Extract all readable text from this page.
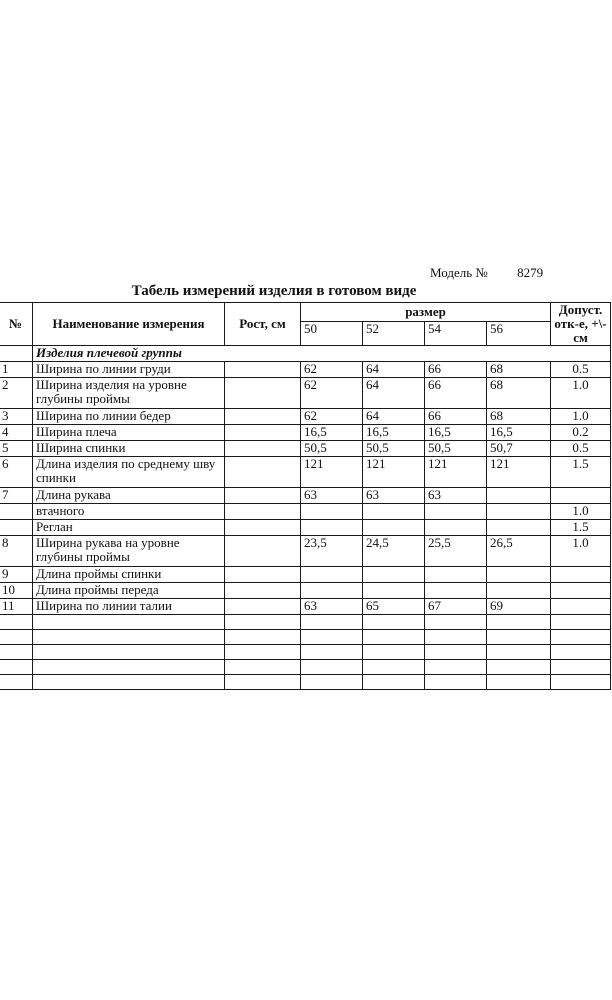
Модель № 8279
Табель измерений изделия в готовом виде
№	Наименование измерения	Рост, см	размер				Допуст. отк-е, +\-см
			50	52	54	56	
	Изделия плечевой группы						
1	Ширина по линии груди		62	64	66	68	0.5
2	Ширина изделия на уровне глубины проймы		62	64	66	68	1.0
3	Ширина по линии бедер		62	64	66	68	1.0
4	Ширина плеча		16,5	16,5	16,5	16,5	0.2
5	Ширина спинки		50,5	50,5	50,5	50,7	0.5
6	Длина изделия по среднему шву спинки		121	121	121	121	1.5
7	Длина рукава		63	63	63		
	втачного						1.0
	Реглан						1.5
8	Ширина рукава на уровне глубины проймы		23,5	24,5	25,5	26,5	1.0
9	Длина проймы спинки						
10	Длина проймы переда						
11	Ширина по линии талии		63	65	67	69	
